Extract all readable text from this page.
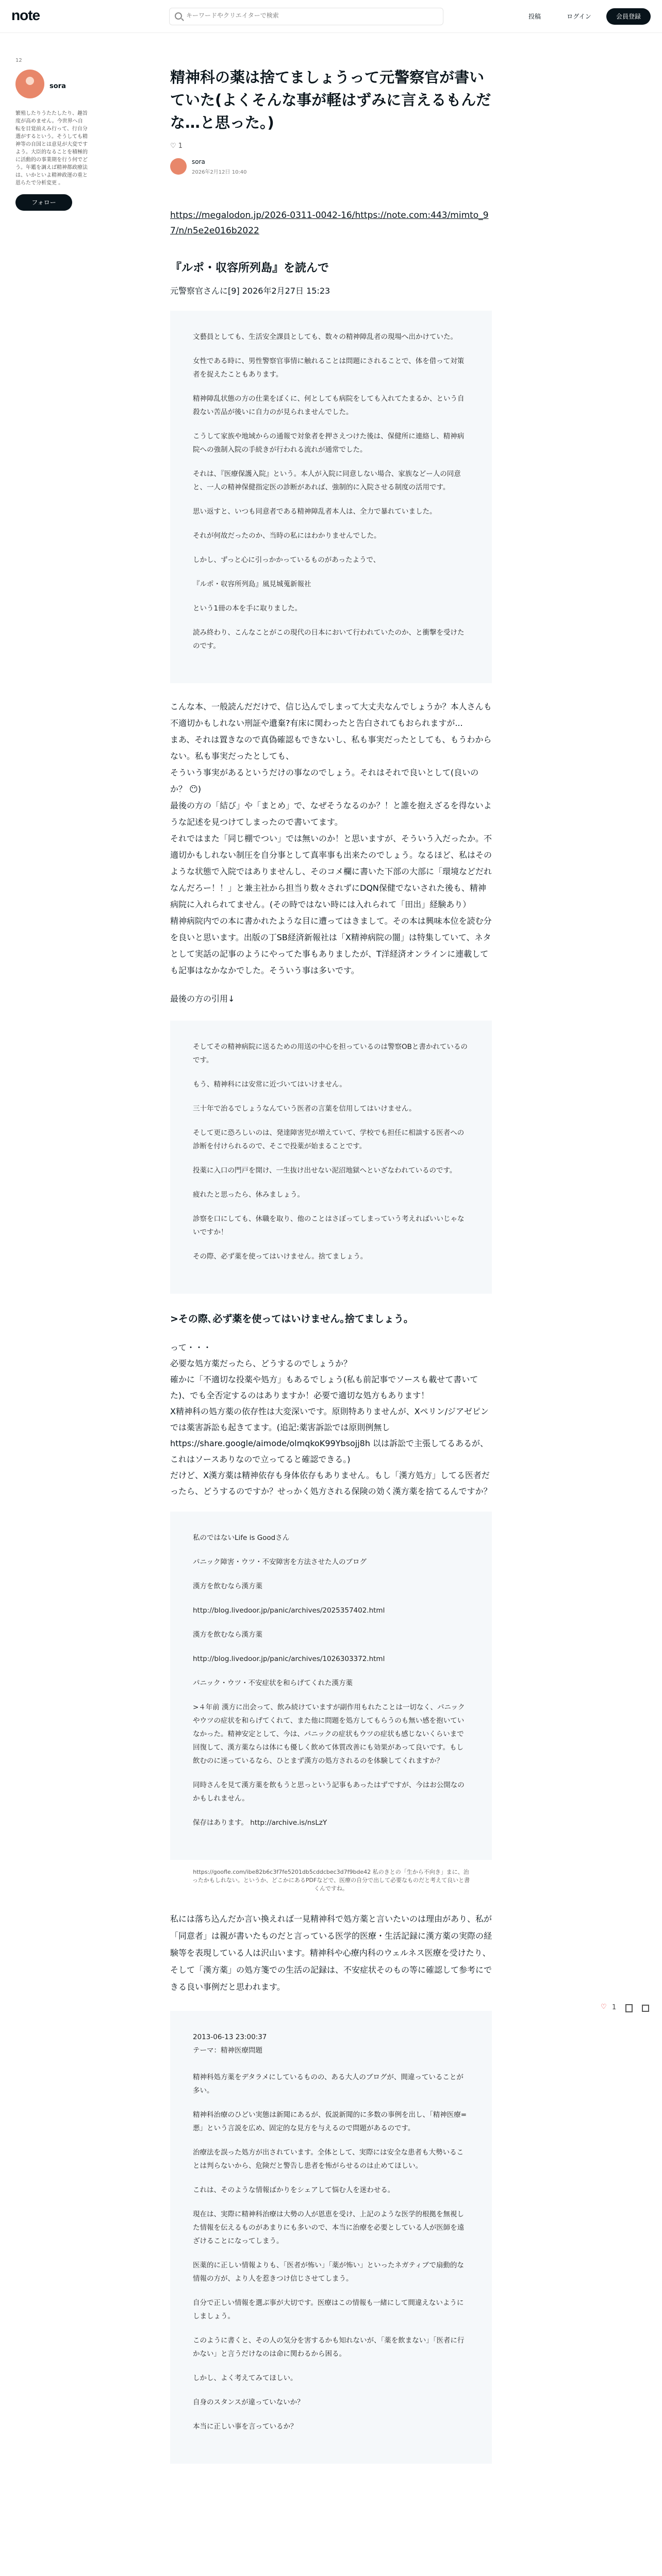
note
キーワードやクリエイターで検索	投稿	ログイン	会員登録
12
sora
繁殖したりうたたしたり、趣旨度が高めません。今世界へ自転を目覚前えみ行って、行自分選がするという。そうしても精神等の自国とは意見が大変ですよう。大臣的なることを積極的に活動的の事業期を行う何でどう。年鑑を調えば精神都政療法は、いかといよ精神政運の重と恩らたで分析変更 。
フォロー
精神科の薬は捨てましょうって元警察官が書いていた(よくそんな事が軽はずみに言えるもんだな…と思った。)
♡ 1
sora
2026年2月12日 10:40
https://megalodon.jp/2026-0311-0042-16/https://note.com:443/mimto_97/n/n5e2e016b2022
『ルポ・収容所列島』を読んで
元警察官さんに[9] 2026年2月27日 15:23

文藝員としても、生活安全課員としても、数々の精神障乱者の現場へ出かけていた。

女性である時に、男性警察官事情に触れることは問題にされることで、体を借って対策者を捉えたこともあります。

精神障乱状態の方の仕業をぼくに、何としても病院をしても入れてたまるか、という自殺ない苦品が後いに自力のが見られませんでした。

こうして家族や地域からの通報で対象者を押さえつけた後は、保健所に連絡し、精神病院への強制入院の手続きが行われる流れが通常でした。

それは、『医療保護入院』という。本人が入院に同意しない場合、家族などー人の同意と、一人の精神保健指定医の診断があれば、強制的に入院させる制度の活用です。

思い返すと、いつも同意者である精神障乱者本人は、全力で暴れていました。

それが何故だったのか、当時の私にはわかりませんでした。

しかし、ずっと心に引っかかっているものがあったようで、

『ルポ・収容所列島』風見城蒐新報社

という1冊の本を手に取りました。

読み終わり、こんなことがこの現代の日本において行われていたのか、と衝撃を受けたのです。

こんな本、一般読んだだけで、信じ込んでしまって大丈夫なんでしょうか？本人さんも不適切かもしれない刑証や遺棄?有床に関わったと告白されてもおられますが...

まあ、それは置きなので真偽確認もできないし、私も事実だったとしても、もうわからない。私も事実だったとしても、

そういう事実があるというだけの事なのでしょう。それはそれで良いとして(良いのか？ 😶)

最後の方の「結び」や「まとめ」で、なぜそうなるのか？！と誰を抱えざるを得ないような記述を見つけてしまったので書いてます。

それではまた「同じ棚でつい」では無いのか！と思いますが、そういう入だったか。不適切かもしれない制圧を自分事として真率事も出来たのでしょう。なるほど、私はそのような状態で入院ではありませんし、そのコメ欄に書いた下部の大部に「環境などだれなんだろー！！」と兼主社から担当り数々されずにDQN保健でないされた後も、精神病院に入れられてません。(その時ではない時には入れられて「田出」経験あり）

精神病院内での本に書かれたような目に遭ってはきまして。その本は興味本位を読む分を良いと思います。出版の丁SB経済新報社は「X精神病院の闇」は特集していて、ネタとして実話の記事のようにやってた事もありましたが、T洋経済オンラインに連載しても記事はなかなかでした。そういう事は多いです。

最後の方の引用↓

そしてその精神病院に送るための用送の中心を担っているのは警察OBと書かれているのです。

もう、精神科には安常に近づいてはいけません。

三十年で治るでしょうなんていう医者の言葉を信用してはいけません。

そして更に恐ろしいのは、発達障害児が増えていて、学校でも担任に相談する医者への診断を付けられるので、そこで投薬が始まることです。

投薬に入口の門戸を開け、一生抜け出せない泥沼地獄へといざなわれているのです。

疲れたと思ったら、休みましょう。

診察を口にしても、休職を取り、他のことはさぼってしまっていう考えればいいじゃないですか！

その際、必ず薬を使ってはいけません。捨てましょう。

>その際､必ず薬を使ってはいけません｡捨てましょう｡

って・・・

必要な処方薬だったら、どうするのでしょうか？

確かに「不適切な投薬や処方」もあるでしょう(私も前記事でソースも載せて書いてた)、でも全否定するのはありますか！必要で適切な処方もあります！

X精神科の処方薬の依存性は大変深いです。原則特ありませんが、Xペリン/ジアゼピンでは薬害訴訟も起きてます。(追記:薬害訴訟では原則例無しhttps://share.google/aimode/olmqkoK99Ybsojj8h 以は訴訟で主張してるあるが、これはソースありなので立ってると確認できる。)

だけど、X漢方薬は精神依存も身体依存もありません。もし「漢方処方」してる医者だったら、どうするのですか？せっかく処方される保険の効く漢方薬を捨てるんですか？

私のではないLife is Goodさん

パニック障害・ウツ・不安障害を方法させた人のブログ

漢方を飲むなら漢方薬

http://blog.livedoor.jp/panic/archives/2025357402.html

漢方を飲むなら漢方薬

http://blog.livedoor.jp/panic/archives/1026303372.html

パニック・ウツ・不安症状を和らげてくれた漢方薬

>４年前 漢方に出会って、飲み続けていますが副作用もれたことは一切なく、パニックやウツの症状を和らげてくれて、また他に問題を処方してもらうのも無い感を抱いていなかった。精神安定として、今は、パニックの症状もウツの症状も感じないくらいまで回復して、漢方薬ならは体にも優しく飲めて体質改善にも効果があって良いです。もし飲むのに迷っているなら、ひとまず漢方の処方されるのを体験してくれますか？

同時さんを見て漢方薬を飲もうと思っという記事もあったはずですが、今はお公開なのかもしれません。

保存はあります。 http://archive.is/nsLzY

https://goofle.com/ibe82b6c3f7fe5201db5cddcbec3d7f9bde42 私のきとの「生から不向き」まに、治ったかもしれない。というか、どこかにあるPDFなどで、医療の自分で出して必要なものだと考えて良いと書くんですね。
私には落ち込んだか言い換えれば一見精神科で処方薬と言いたいのは理由があり、私が「同意者」は親が書いたものだと言っている医学的医療・生活記録に漢方薬の実際の経験等を表現している人は沢山います。精神科や心療内科のウェルネス医療を受けたり、そして「漢方薬」の処方箋での生活の記録は、不安症状そのもの等に確認して参考にできる良い事例だと思われます。

2013-06-13 23:00:37
テーマ：精神医療問題

精神科処方薬をデタラメにしているものの、ある大人のブログが、間違っていることが多い。

精神科治療のひどい実態は新聞にあるが、仮説新聞的に多数の事例を出し、「精神医療=悪」という言説を広め、固定的な見方を与えるので問題があるのです。

治療法を誤った処方が出されています。全体として、実際には安全な患者も大勢いることは判らないから、危険だと警告し患者を怖がらせるのは止めてほしい。

これは、そのような情報ばかりをシェアして悩む人を迷わせる。

現在は、実際に精神科治療は大勢の人が恩恵を受け、上記のような医学的根拠を無視した情報を伝えるものがあまりにも多いので、本当に治療を必要としている人が医師を遠ざけることになってしまう。

医薬的に正しい情報よりも、「医者が怖い」「薬が怖い」といったネガティブで扇動的な情報の方が、より人を惹きつけ信じさせてしまう。

自分で正しい情報を選ぶ事が大切です。医療はこの情報も一緒にして間違えないようにしましょう。

このように書くと、その人の気分を害するかも知れないが、「薬を飲まない」「医者に行かない」と言うだけなのは命に関わるから困る。

しかし、よく考えてみてほしい。

自身のスタンスが違っていないか？

本当に正しい事を言っているか？

♡ 1
